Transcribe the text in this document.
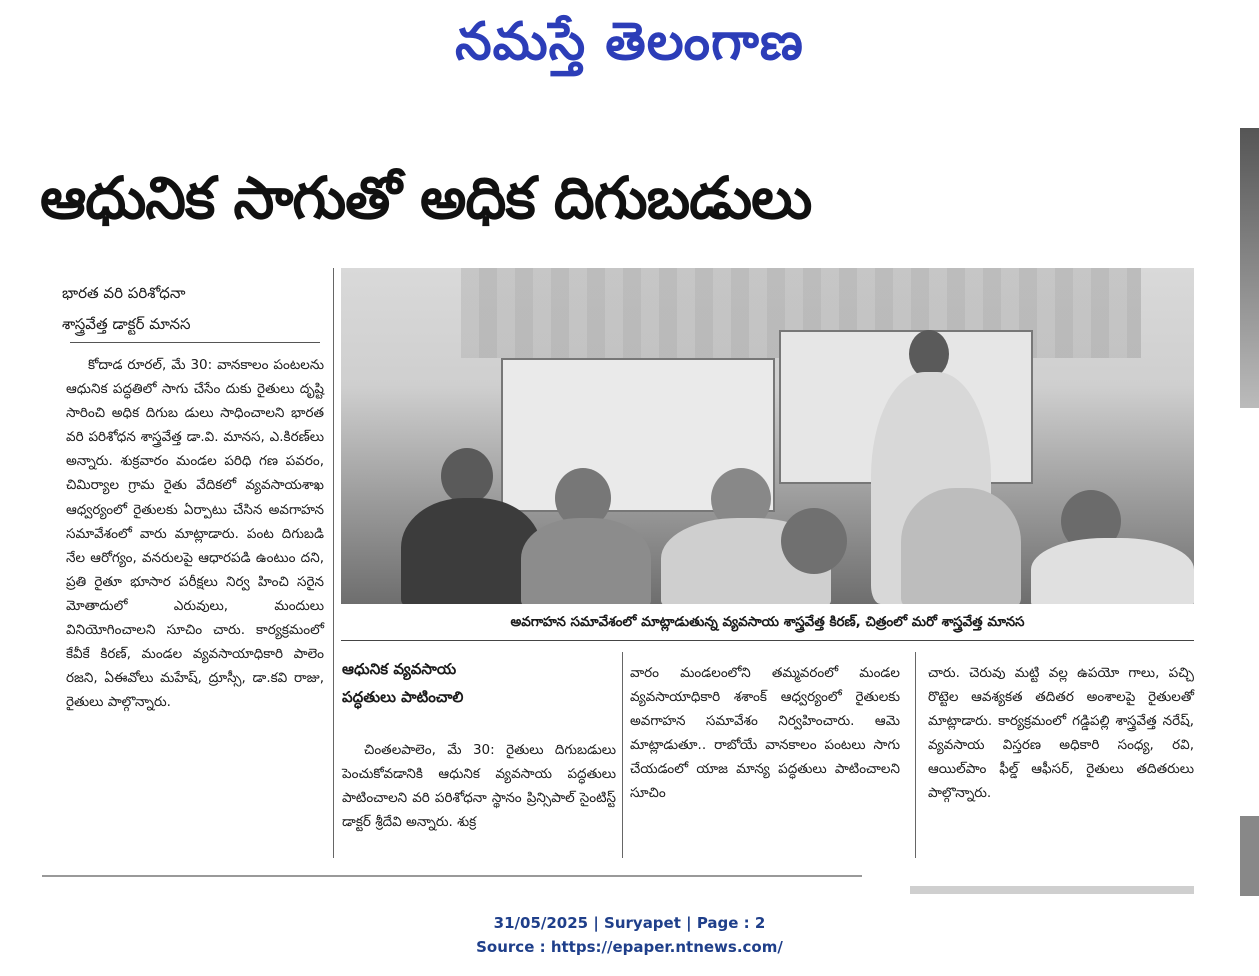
నమస్తే తెలంగాణ
ఆధునిక సాగుతో అధిక దిగుబడులు
భారత వరి పరిశోధనా
శాస్త్రవేత్త డాక్టర్ మానస

కోదాడ రూరల్, మే 30: వానకాలం పంటలను ఆధునిక పద్ధతిలో సాగు చేసేం దుకు రైతులు దృష్టి సారించి అధిక దిగుబ డులు సాధించాలని భారత వరి పరిశోధన శాస్త్రవేత్త డా.వి. మానస, ఎ.కిరణ్‌లు అన్నారు. శుక్రవారం మండల పరిధి గణ పవరం, చిమిర్యాల గ్రామ రైతు వేదికలో వ్యవసాయశాఖ ఆధ్వర్యంలో రైతులకు ఏర్పాటు చేసిన అవగాహన సమావేశంలో వారు మాట్లాడారు. పంట దిగుబడి నేల ఆరోగ్యం, వనరులపై ఆధారపడి ఉంటుం దని, ప్రతి రైతూ భూసార పరీక్షలు నిర్వ హించి సరైన మోతాదులో ఎరువులు, మందులు వినియోగించాలని సూచిం చారు. కార్యక్రమంలో కేవీకే కిరణ్, మండల వ్యవసాయాధికారి పాలెం రజని, ఏఈవోలు మహేష్, ద్రూస్సీ, డా.కవి రాజు, రైతులు పాల్గొన్నారు.

అవగాహన సమావేశంలో మాట్లాడుతున్న వ్యవసాయ శాస్త్రవేత్త కిరణ్, చిత్రంలో మరో శాస్త్రవేత్త మానస
ఆధునిక వ్యవసాయ
పద్ధతులు పాటించాలి

చింతలపాలెం, మే 30: రైతులు దిగుబడులు పెంచుకోవడానికి ఆధునిక వ్యవసాయ పద్ధతులు పాటించాలని వరి పరిశోధనా స్థానం ప్రిన్సిపాల్ సైంటిస్ట్ డాక్టర్ శ్రీదేవి అన్నారు. శుక్ర

వారం మండలంలోని తమ్మవరంలో మండల వ్యవసాయాధికారి శశాంక్ ఆధ్వర్యంలో రైతులకు అవగాహన సమావేశం నిర్వహించారు. ఆమె మాట్లాడుతూ.. రాబోయే వానకాలం పంటలు సాగు చేయడంలో యాజ మాన్య పద్ధతులు పాటించాలని సూచిం

చారు. చెరువు మట్టి వల్ల ఉపయో గాలు, పచ్చి రొట్టెల ఆవశ్యకత తదితర అంశాలపై రైతులతో మాట్లాడారు. కార్యక్రమంలో గడ్డిపల్లి శాస్త్రవేత్త నరేష్, వ్యవసాయ విస్తరణ అధికారి సంధ్య, రవి, ఆయిల్‌పాం ఫీల్డ్ ఆఫీసర్, రైతులు తదితరులు పాల్గొన్నారు.

31/05/2025 | Suryapet | Page : 2
Source : https://epaper.ntnews.com/
